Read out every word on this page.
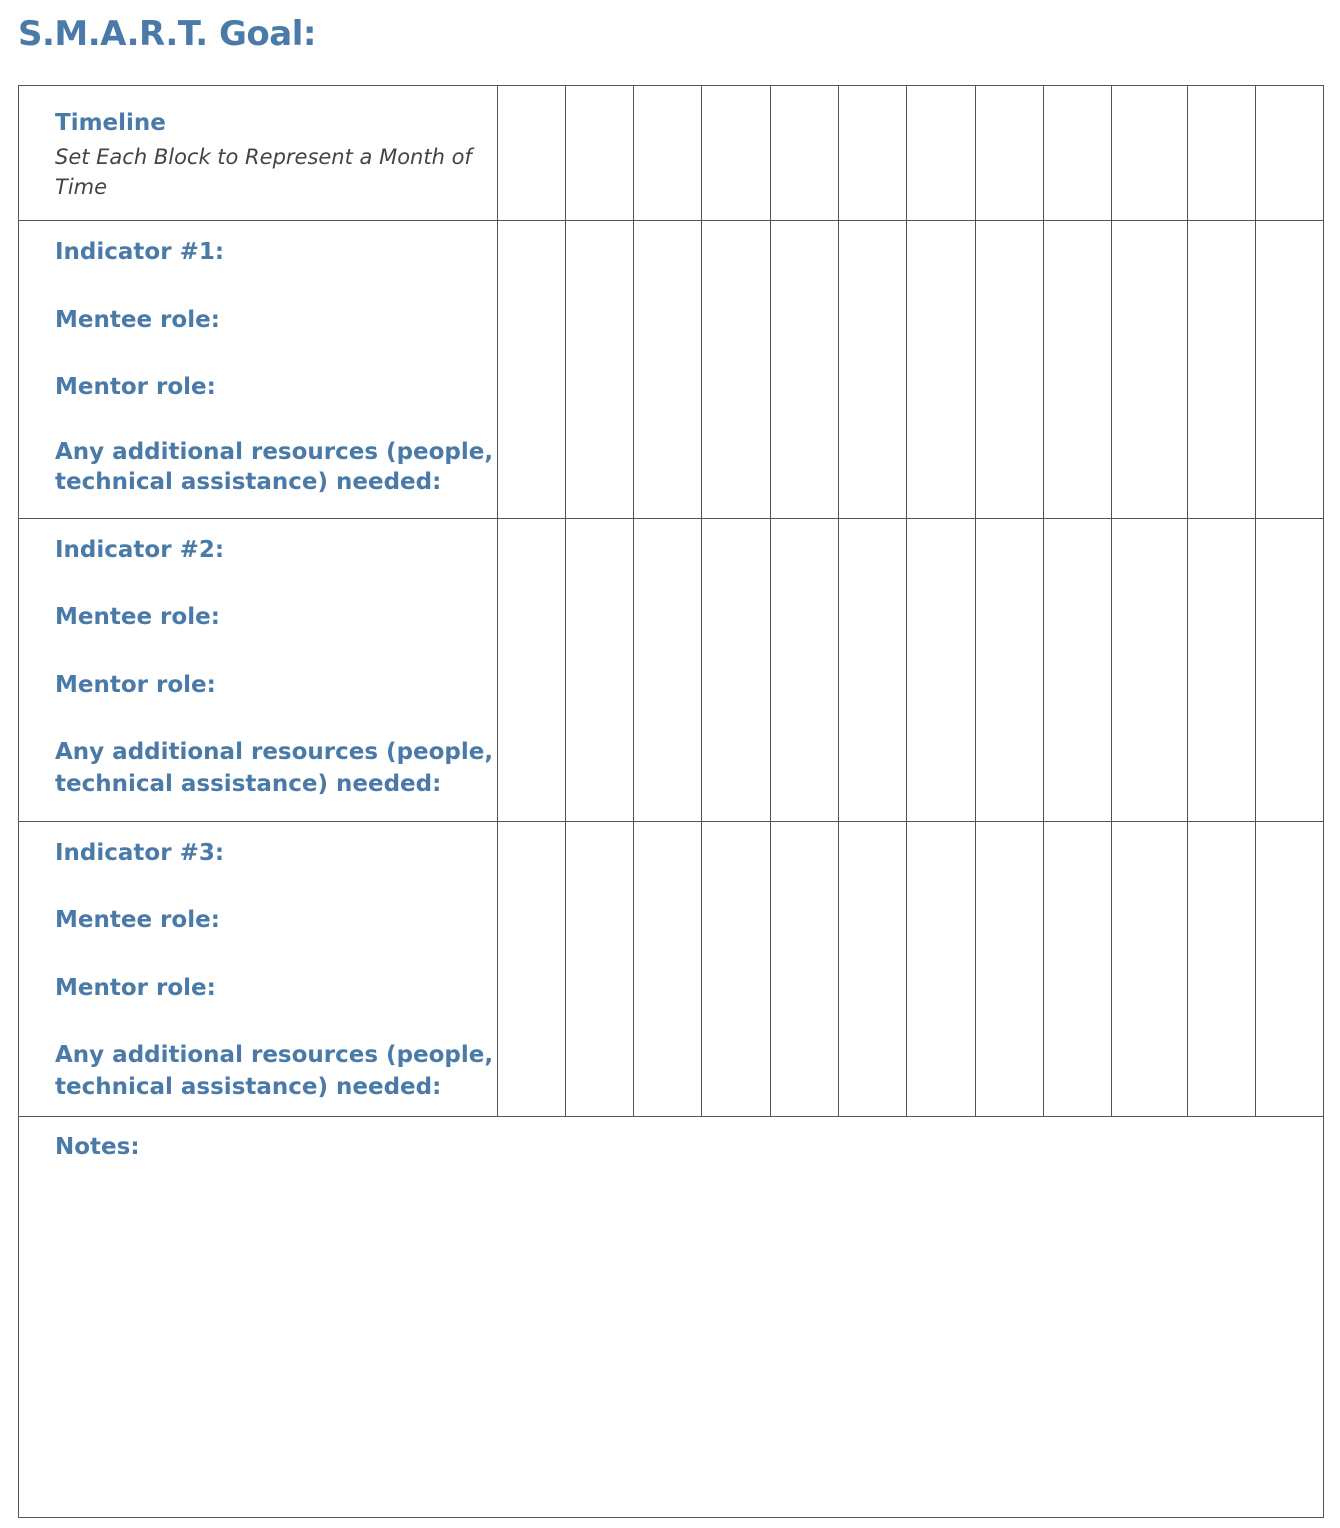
S.M.A.R.T. Goal:
Timeline
Set Each Block to Represent a Month of Time
Indicator #1:
Mentee role:
Mentor role:
Any additional resources (people,
technical assistance) needed:
Indicator #2:
Mentee role:
Mentor role:
Any additional resources (people,
technical assistance) needed:
Indicator #3:
Mentee role:
Mentor role:
Any additional resources (people,
technical assistance) needed:
Notes:
